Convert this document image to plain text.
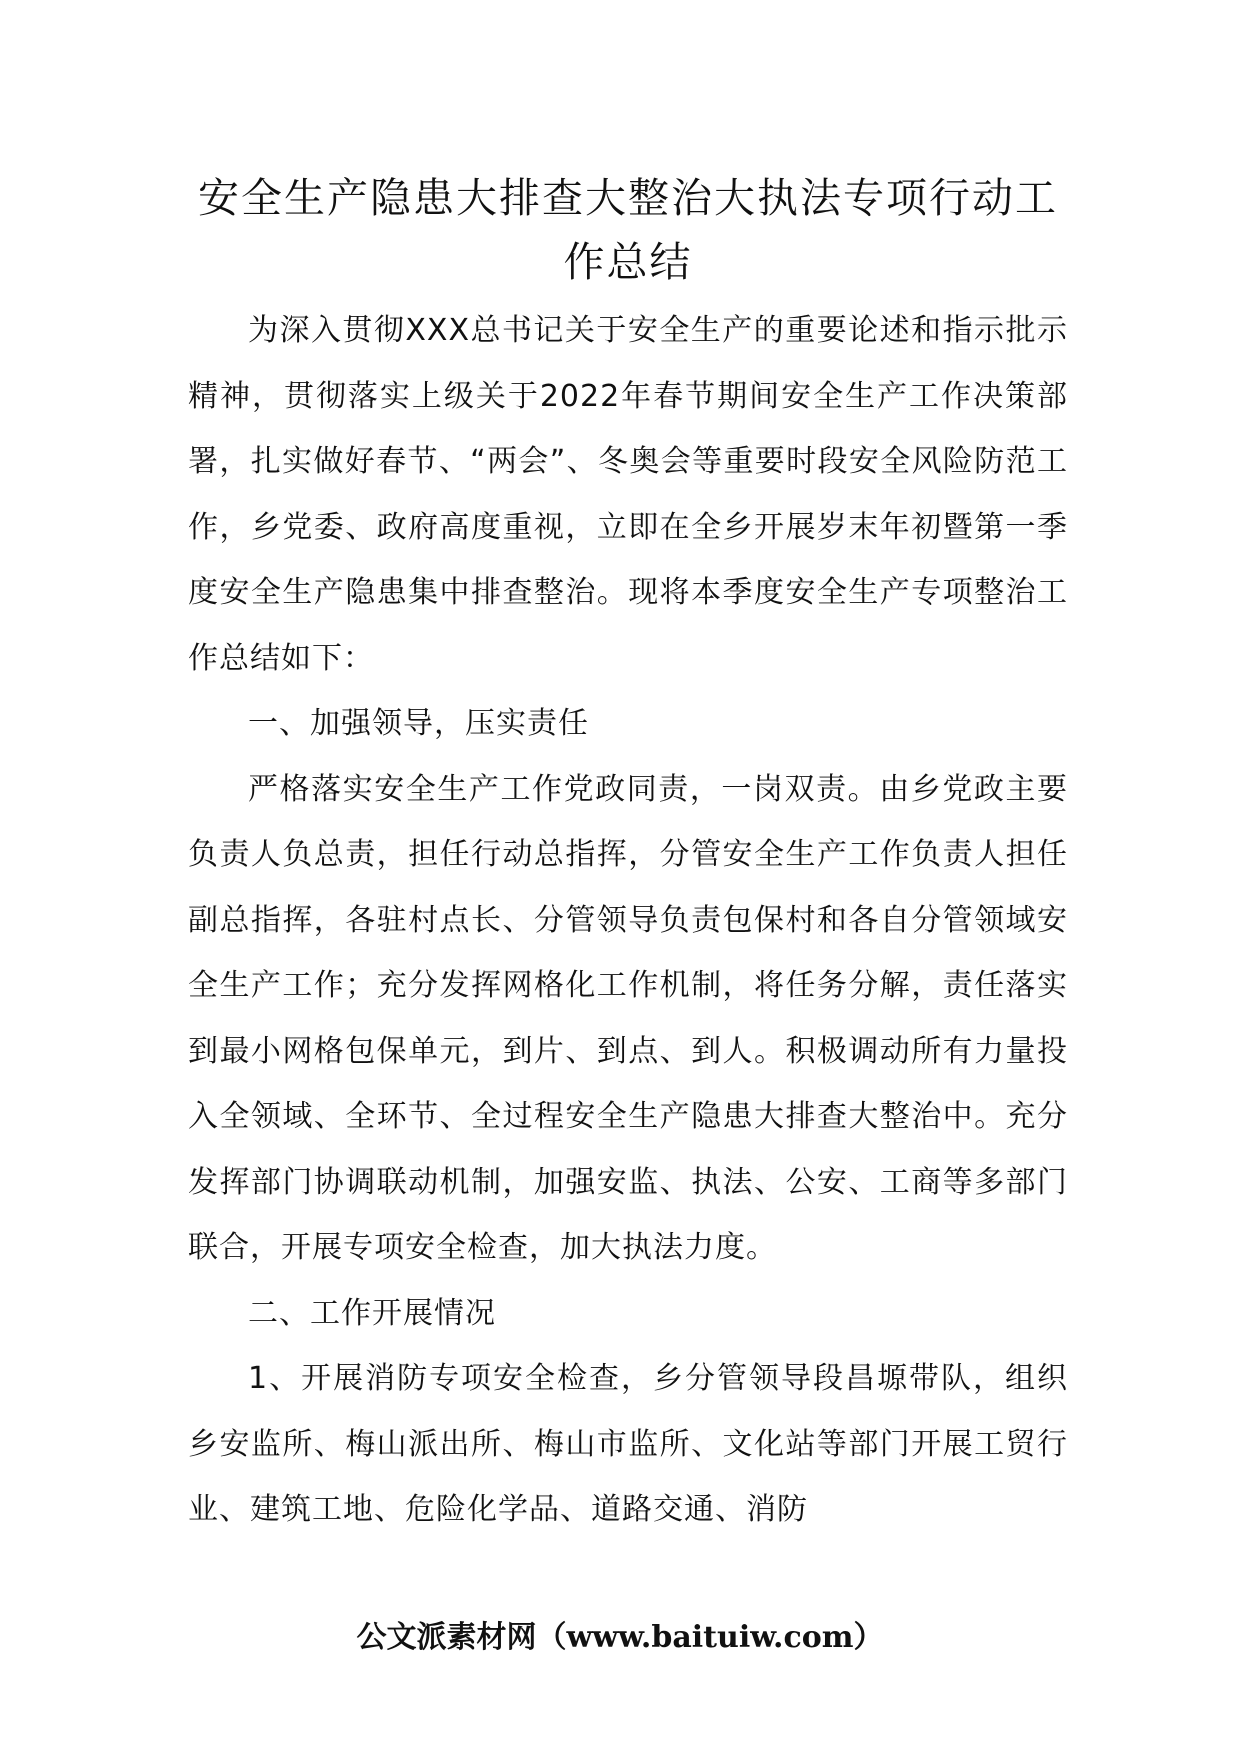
安全生产隐患大排查大整治大执法专项行动工作总结

为深入贯彻XXX总书记关于安全生产的重要论述和指示批示精神，贯彻落实上级关于2022年春节期间安全生产工作决策部署，扎实做好春节、“两会”、冬奥会等重要时段安全风险防范工作，乡党委、政府高度重视，立即在全乡开展岁末年初暨第一季度安全生产隐患集中排查整治。现将本季度安全生产专项整治工作总结如下：

一、加强领导，压实责任

严格落实安全生产工作党政同责，一岗双责。由乡党政主要负责人负总责，担任行动总指挥，分管安全生产工作负责人担任副总指挥，各驻村点长、分管领导负责包保村和各自分管领域安全生产工作；充分发挥网格化工作机制，将任务分解，责任落实到最小网格包保单元，到片、到点、到人。积极调动所有力量投入全领域、全环节、全过程安全生产隐患大排查大整治中。充分发挥部门协调联动机制，加强安监、执法、公安、工商等多部门联合，开展专项安全检查，加大执法力度。

二、工作开展情况

1、开展消防专项安全检查，乡分管领导段昌塬带队，组织乡安监所、梅山派出所、梅山市监所、文化站等部门开展工贸行业、建筑工地、危险化学品、道路交通、消防

公文派素材网（www.baituiw.com）
